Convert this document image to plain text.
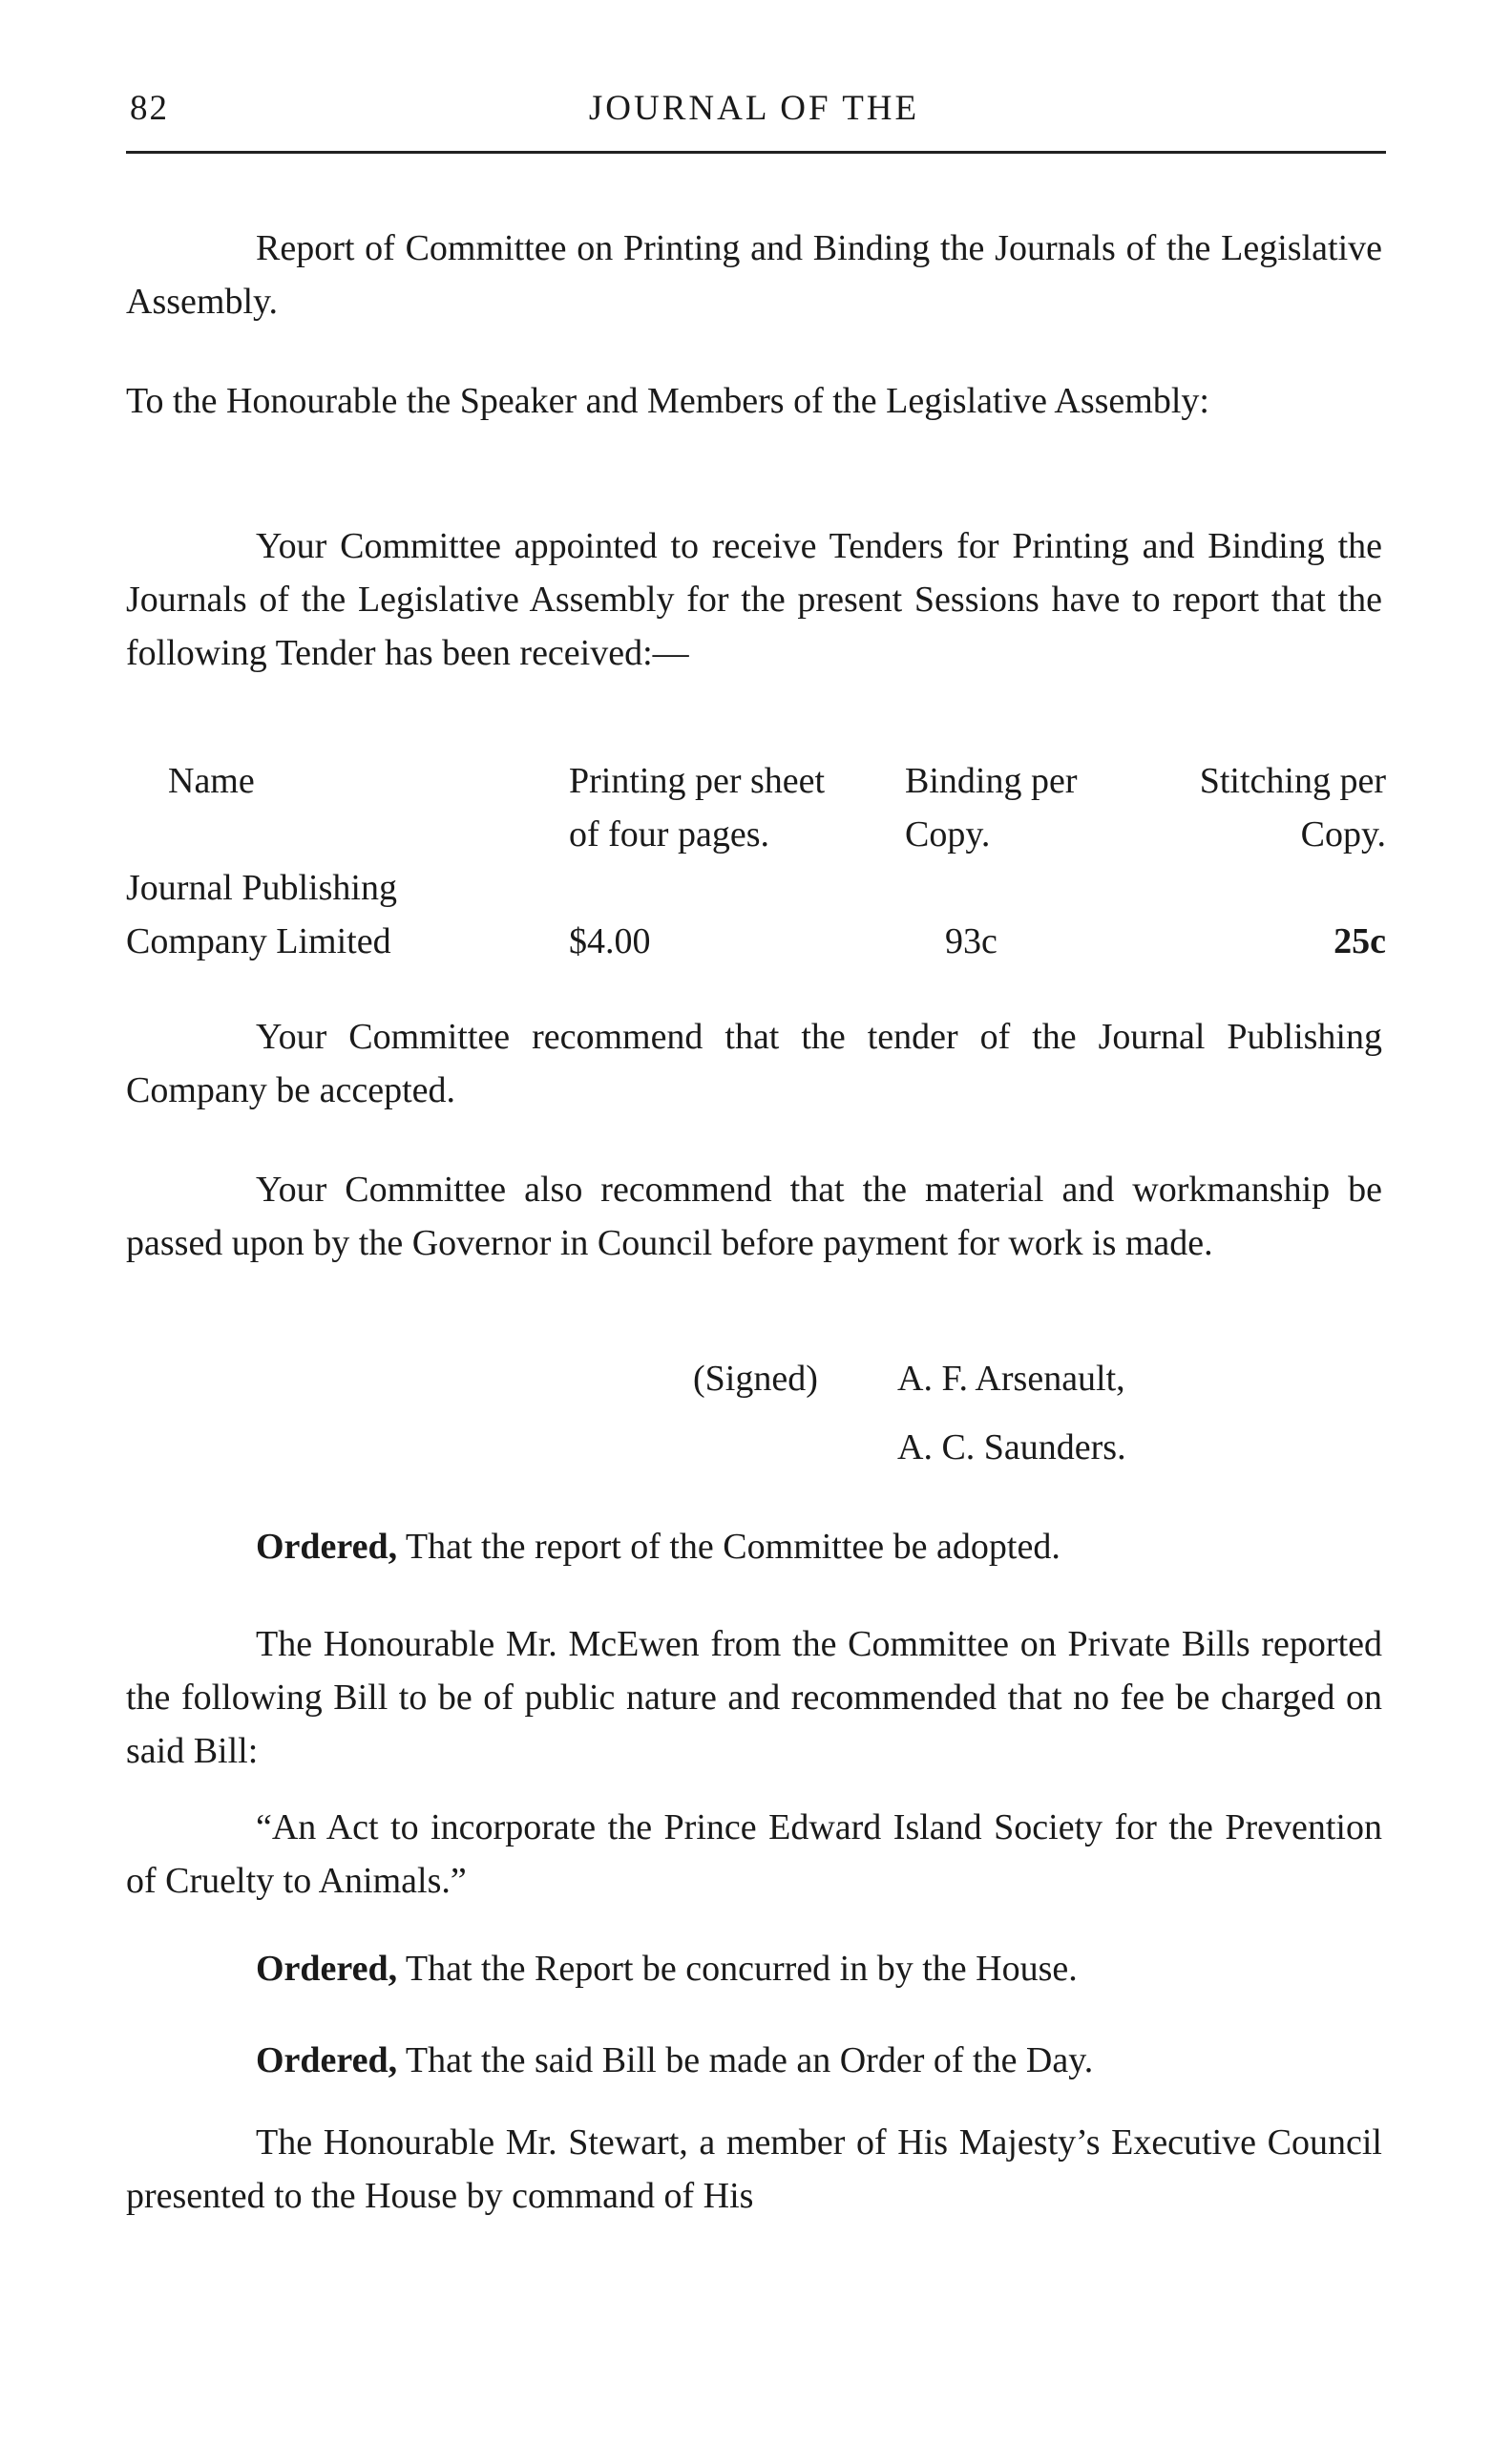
82	JOURNAL OF THE
Report of Committee on Printing and Binding the Journals of the Legislative Assembly.
To the Honourable the Speaker and Members of the Legislative Assembly:
Your Committee appointed to receive Tenders for Printing and Binding the Journals of the Legislative Assembly for the present Sessions have to report that the following Tender has been received:—
Name	Printing per sheet of four pages.	Binding per Copy.	Stitching per Copy.

Journal Publishing			
Company Limited	$4.00	93c	25c
Your Committee recommend that the tender of the Journal Publishing Company be accepted.
Your Committee also recommend that the material and workmanship be passed upon by the Governor in Council before payment for work is made.
(Signed) A. F. Arsenault,
A. C. Saunders.
Ordered, That the report of the Committee be adopted.
The Honourable Mr. McEwen from the Committee on Private Bills reported the following Bill to be of public nature and recommended that no fee be charged on said Bill:
“An Act to incorporate the Prince Edward Island Society for the Prevention of Cruelty to Animals.”
Ordered, That the Report be concurred in by the House.
Ordered, That the said Bill be made an Order of the Day.
The Honourable Mr. Stewart, a member of His Majesty’s Executive Council presented to the House by command of His
